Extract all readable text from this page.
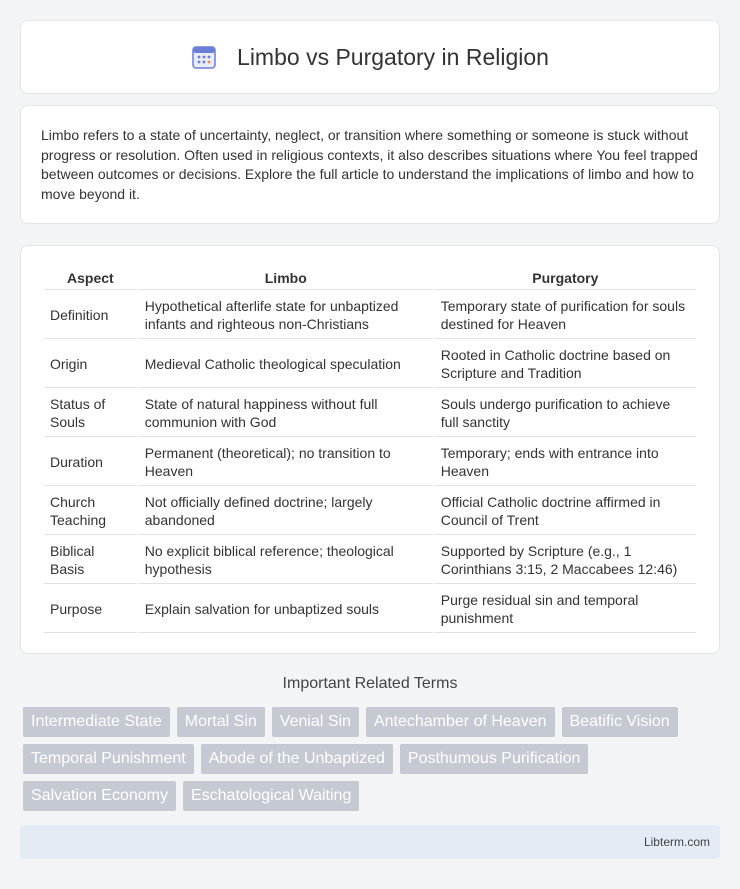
Limbo vs Purgatory in Religion

Limbo refers to a state of uncertainty, neglect, or transition where something or someone is stuck without progress or resolution. Often used in religious contexts, it also describes situations where You feel trapped between outcomes or decisions. Explore the full article to understand the implications of limbo and how to move beyond it.

Aspect	Limbo	Purgatory
Definition	Hypothetical afterlife state for unbaptized infants and righteous non-Christians	Temporary state of purification for souls destined for Heaven
Origin	Medieval Catholic theological speculation	Rooted in Catholic doctrine based on Scripture and Tradition
Status of Souls	State of natural happiness without full communion with God	Souls undergo purification to achieve full sanctity
Duration	Permanent (theoretical); no transition to Heaven	Temporary; ends with entrance into Heaven
Church Teaching	Not officially defined doctrine; largely abandoned	Official Catholic doctrine affirmed in Council of Trent
Biblical Basis	No explicit biblical reference; theological hypothesis	Supported by Scripture (e.g., 1 Corinthians 3:15, 2 Maccabees 12:46)
Purpose	Explain salvation for unbaptized souls	Purge residual sin and temporal punishment
Important Related Terms
Intermediate State	Mortal Sin	Venial Sin	Antechamber of Heaven	Beatific Vision
Temporal Punishment	Abode of the Unbaptized	Posthumous Purification
Salvation Economy	Eschatological Waiting
Libterm.com
